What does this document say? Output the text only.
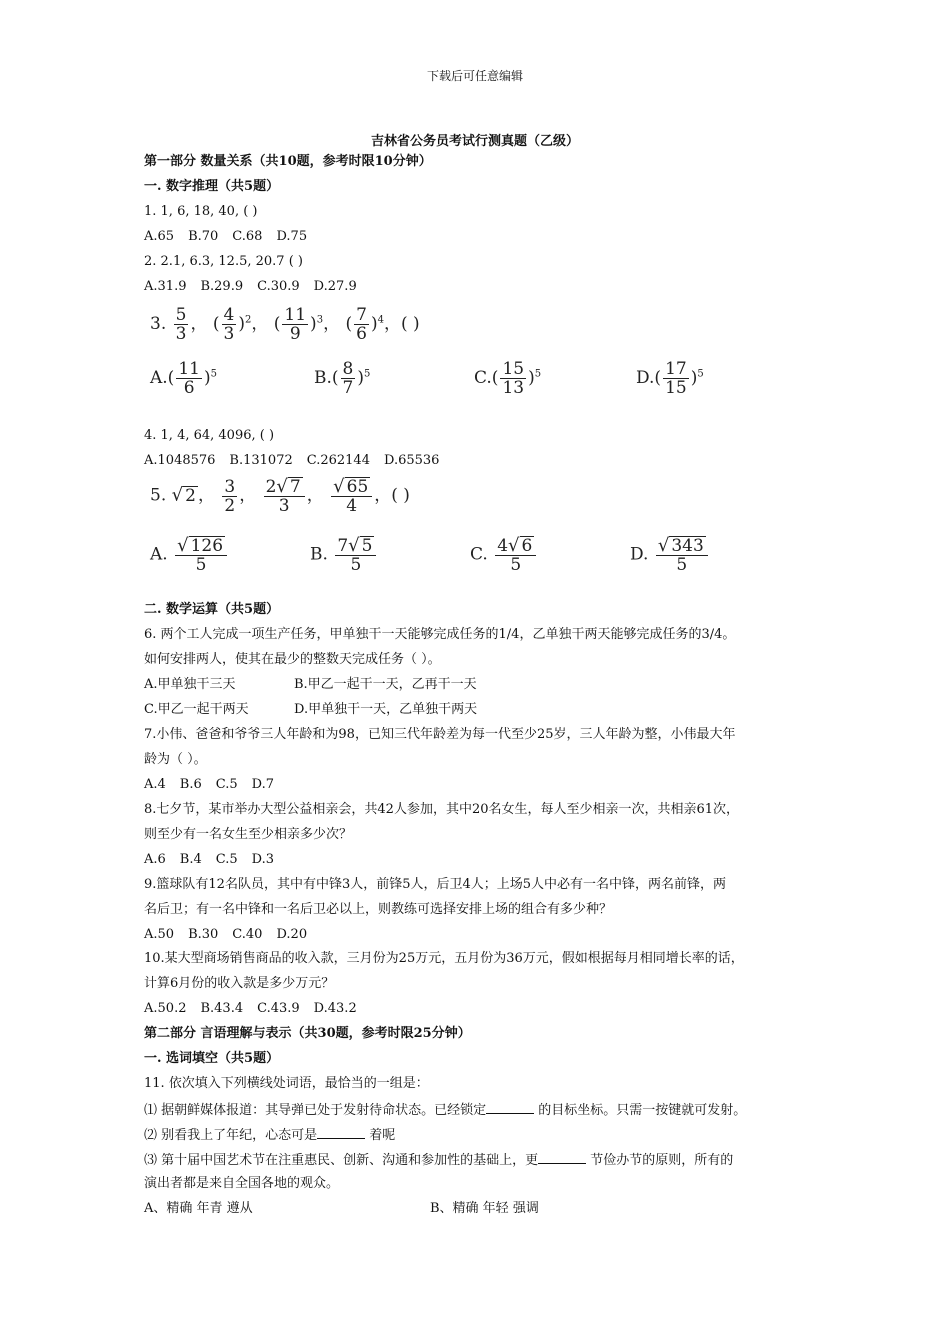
下载后可任意编辑
吉林省公务员考试行测真题（乙级）
第一部分 数量关系（共10题，参考时限10分钟）
一. 数字推理（共5题）
1. 1, 6, 18, 40, ( )
A.65 B.70 C.68 D.75
2. 2.1, 6.3, 12.5, 20.7 ( )
A.31.9 B.29.9 C.30.9 D.27.9
3. $\frac{5}{3}$ ， ( $\frac{4}{3} )^2$， ( $\frac{11}{9} )^3$， ( $\frac{7}{6} )^4$，( )
$A.( \frac{11}{6} )^5$	$B.( \frac{8}{7} )^5$	$C.( \frac{15}{13} )^5$	$D.( \frac{17}{15} )^5$
4. 1, 4, 64, 4096, ( )
A.1048576 B.131072 C.262144 D.65536
5. √ 2 ， $\frac{3}{2}$ ， $\frac{2√ 7}{3}$ ， $\frac{√ 65}{4}$ ，( )
A. $\frac{√ 126}{5}$	B. $\frac{7√ 5}{5}$	C. $\frac{4√ 6}{5}$	D. $\frac{√ 343}{5}$
二. 数学运算（共5题）
6. 两个工人完成一项生产任务，甲单独干一天能够完成任务的1/4，乙单独干两天能够完成任务的3/4。
如何安排两人，使其在最少的整数天完成任务（ ）。
A.甲单独干三天	B.甲乙一起干一天，乙再干一天
C.甲乙一起干两天	D.甲单独干一天，乙单独干两天
7.小伟、爸爸和爷爷三人年龄和为98，已知三代年龄差为每一代至少25岁，三人年龄为整，小伟最大年
龄为（ ）。
A.4 B.6 C.5 D.7
8.七夕节，某市举办大型公益相亲会，共42人参加，其中20名女生，每人至少相亲一次，共相亲61次，
则至少有一名女生至少相亲多少次？
A.6 B.4 C.5 D.3
9.篮球队有12名队员，其中有中锋3人，前锋5人，后卫4人；上场5人中必有一名中锋，两名前锋，两
名后卫；有一名中锋和一名后卫必以上，则教练可选择安排上场的组合有多少种？
A.50 B.30 C.40 D.20
10.某大型商场销售商品的收入款，三月份为25万元，五月份为36万元，假如根据每月相同增长率的话，
计算6月份的收入款是多少万元？
A.50.2 B.43.4 C.43.9 D.43.2
第二部分 言语理解与表示（共30题，参考时限25分钟）
一. 选词填空（共5题）
11. 依次填入下列横线处词语，最恰当的一组是：
⑴ 据朝鲜媒体报道：其导弹已处于发射待命状态。已经锁定	的目标坐标。只需一按键就可发射。
⑵ 别看我上了年纪，心态可是	着呢
⑶ 第十届中国艺术节在注重惠民、创新、沟通和参加性的基础上，更	节俭办节的原则，所有的
演出者都是来自全国各地的观众。
A、精确 年青 遵从	B、精确 年轻 强调
